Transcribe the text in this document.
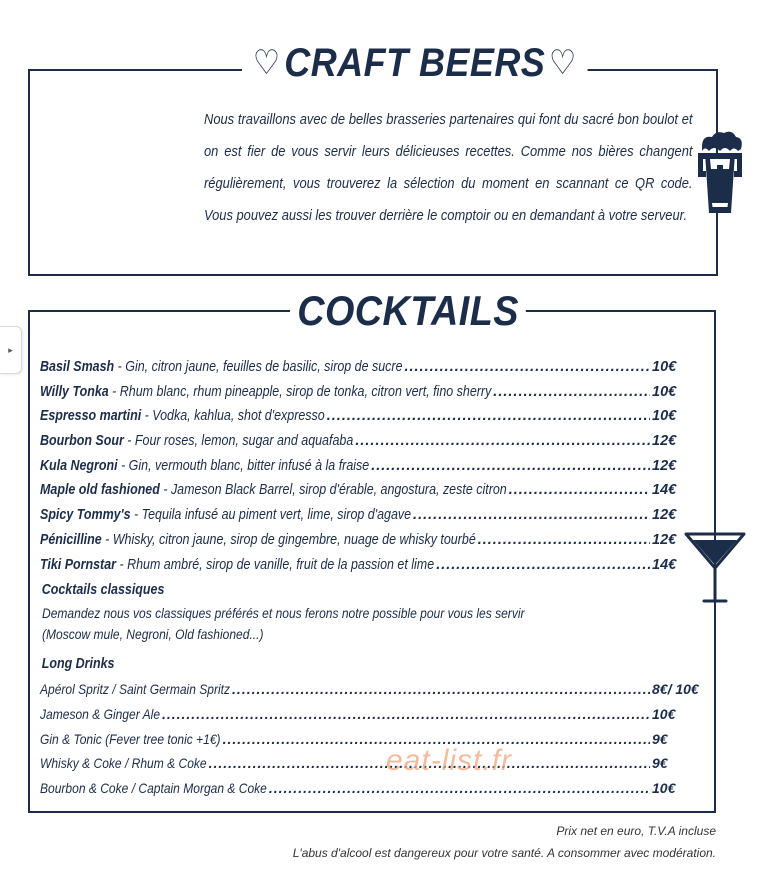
▸
♡ CRAFT BEERS ♡

Nous travaillons avec de belles brasseries partenaires qui font du sacré bon boulot et on est fier de vous servir leurs délicieuses recettes. Comme nos bières changent régulièrement, vous trouverez la sélection du moment en scannant ce QR code. Vous pouvez aussi les trouver derrière le comptoir ou en demandant à votre serveur.

COCKTAILS
Basil Smash - Gin, citron jaune, feuilles de basilic, sirop de sucre .....	10€
Willy Tonka - Rhum blanc, rhum pineapple, sirop de tonka, citron vert, fino sherry .....	10€
Espresso martini - Vodka, kahlua, shot d'expresso .....	10€
Bourbon Sour - Four roses, lemon, sugar and aquafaba .....	12€
Kula Negroni - Gin, vermouth blanc, bitter infusé à la fraise .....	12€
Maple old fashioned - Jameson Black Barrel, sirop d'érable, angostura, zeste citron .....	14€
Spicy Tommy's - Tequila infusé au piment vert, lime, sirop d'agave .....	12€
Pénicilline - Whisky, citron jaune, sirop de gingembre, nuage de whisky tourbé .....	12€
Tiki Pornstar - Rhum ambré, sirop de vanille, fruit de la passion et lime .....	14€
Cocktails classiques
Demandez nous vos classiques préférés et nous ferons notre possible pour vous les servir
(Moscow mule, Negroni, Old fashioned...)
Long Drinks
Apérol Spritz / Saint Germain Spritz .....	8€/ 10€
Jameson & Ginger Ale .....	10€
Gin & Tonic (Fever tree tonic +1€) .....	9€
Whisky & Coke / Rhum & Coke .....	9€
Bourbon & Coke / Captain Morgan & Coke .....	10€
eat-list.fr
Prix net en euro, T.V.A incluse
L'abus d'alcool est dangereux pour votre santé. A consommer avec modération.
